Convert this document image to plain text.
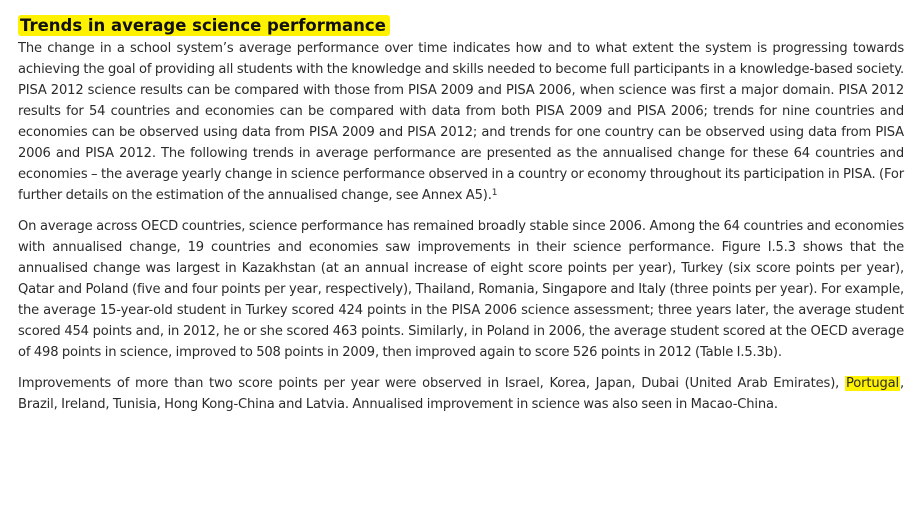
Trends in average science performance

The change in a school system’s average performance over time indicates how and to what extent the system is progressing towards achieving the goal of providing all students with the knowledge and skills needed to become full participants in a knowledge-based society. PISA 2012 science results can be compared with those from PISA 2009 and PISA 2006, when science was first a major domain. PISA 2012 results for 54 countries and economies can be compared with data from both PISA 2009 and PISA 2006; trends for nine countries and economies can be observed using data from PISA 2009 and PISA 2012; and trends for one country can be observed using data from PISA 2006 and PISA 2012. The following trends in average performance are presented as the annualised change for these 64 countries and economies – the average yearly change in science performance observed in a country or economy throughout its participation in PISA. (For further details on the estimation of the annualised change, see Annex A5).$^1$

On average across OECD countries, science performance has remained broadly stable since 2006. Among the 64 countries and economies with annualised change, 19 countries and economies saw improvements in their science performance. Figure I.5.3 shows that the annualised change was largest in Kazakhstan (at an annual increase of eight score points per year), Turkey (six score points per year), Qatar and Poland (five and four points per year, respectively), Thailand, Romania, Singapore and Italy (three points per year). For example, the average 15-year-old student in Turkey scored 424 points in the PISA 2006 science assessment; three years later, the average student scored 454 points and, in 2012, he or she scored 463 points. Similarly, in Poland in 2006, the average student scored at the OECD average of 498 points in science, improved to 508 points in 2009, then improved again to score 526 points in 2012 (Table I.5.3b).

Improvements of more than two score points per year were observed in Israel, Korea, Japan, Dubai (United Arab Emirates), Portugal, Brazil, Ireland, Tunisia, Hong Kong-China and Latvia. Annualised improvement in science was also seen in Macao-China.
